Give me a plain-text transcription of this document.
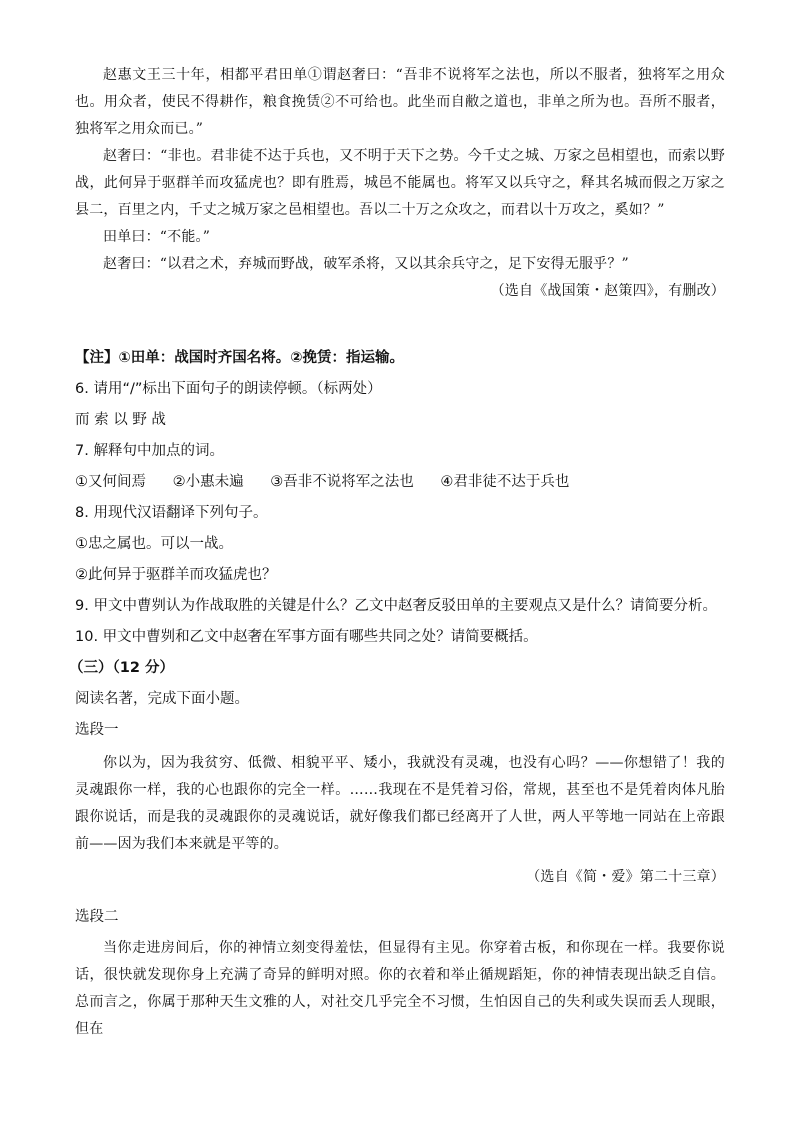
赵惠文王三十年，相都平君田单①谓赵奢曰：“吾非不说将军之法也，所以不服者，独将军之用众也。用众者，使民不得耕作，粮食挽赁②不可给也。此坐而自敝之道也，非单之所为也。吾所不服者，独将军之用众而已。”

赵奢曰：“非也。君非徒不达于兵也，又不明于天下之势。今千丈之城、万家之邑相望也，而索以野战，此何异于驱群羊而攻猛虎也？即有胜焉，城邑不能属也。将军又以兵守之，释其名城而假之万家之县二，百里之内，千丈之城万家之邑相望也。吾以二十万之众攻之，而君以十万攻之，奚如？”

田单曰：“不能。”

赵奢曰：“以君之术，弃城而野战，破军杀将，又以其余兵守之，足下安得无服乎？”

（选自《战国策・赵策四》，有删改）

【注】①田单：战国时齐国名将。②挽赁：指运输。

6. 请用“/”标出下面句子的朗读停顿。（标两处）

而 索 以 野 战

7. 解释句中加点的词。

①又何间焉 ②小惠未遍 ③吾非不说将军之法也 ④君非徒不达于兵也

8. 用现代汉语翻译下列句子。

①忠之属也。可以一战。

②此何异于驱群羊而攻猛虎也？

9. 甲文中曹刿认为作战取胜的关键是什么？乙文中赵奢反驳田单的主要观点又是什么？请简要分析。

10. 甲文中曹刿和乙文中赵奢在军事方面有哪些共同之处？请简要概括。

（三）（12 分）

阅读名著，完成下面小题。

选段一

你以为，因为我贫穷、低微、相貌平平、矮小，我就没有灵魂，也没有心吗？——你想错了！我的灵魂跟你一样，我的心也跟你的完全一样。……我现在不是凭着习俗，常规，甚至也不是凭着肉体凡胎跟你说话，而是我的灵魂跟你的灵魂说话，就好像我们都已经离开了人世，两人平等地一同站在上帝跟前——因为我们本来就是平等的。

（选自《简・爱》第二十三章）

选段二

当你走进房间后，你的神情立刻变得羞怯，但显得有主见。你穿着古板，和你现在一样。我要你说话，很快就发现你身上充满了奇异的鲜明对照。你的衣着和举止循规蹈矩，你的神情表现出缺乏自信。总而言之，你属于那种天生文雅的人，对社交几乎完全不习惯，生怕因自己的失利或失误而丢人现眼，但在
